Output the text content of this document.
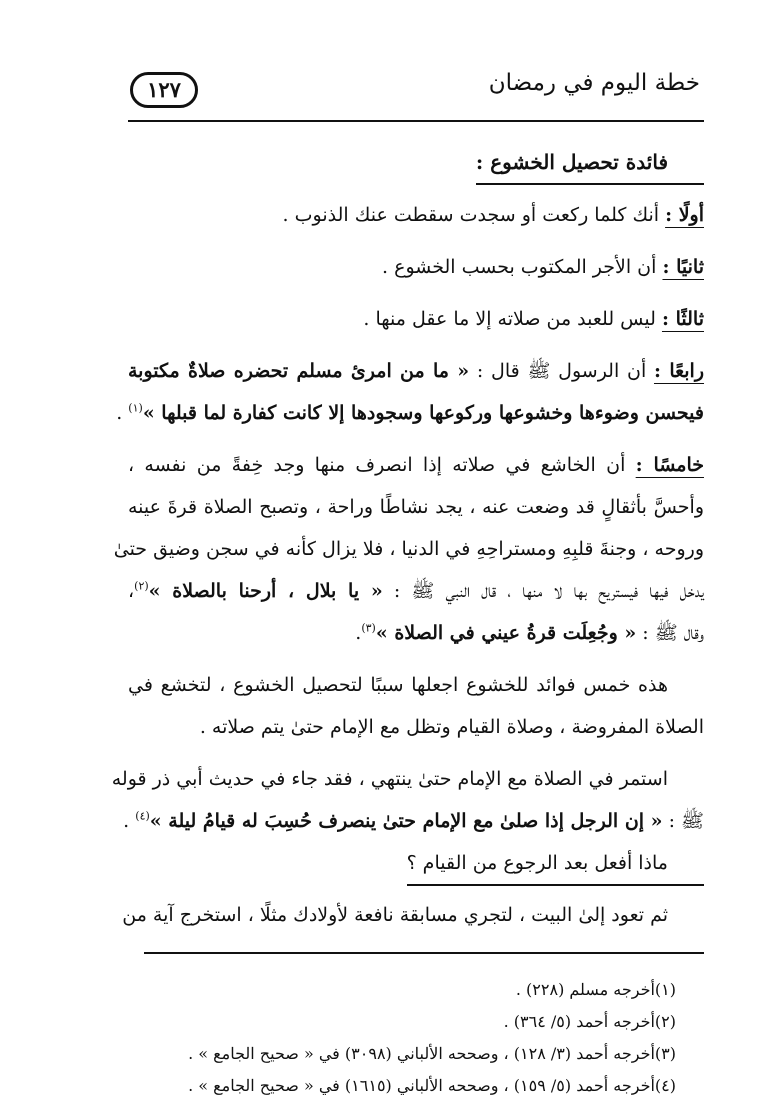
خطة اليوم في رمضان
١٢٧
فائدة تحصيل الخشوع :
أولًا : أنك كلما ركعت أو سجدت سقطت عنك الذنوب .
ثانيًا : أن الأجر المكتوب بحسب الخشوع .
ثالثًا : ليس للعبد من صلاته إلا ما عقل منها .
رابعًا : أن الرسول ﷺ قال : « ما من امرئ مسلم تحضره صلاةٌ مكتوبة
فيحسن وضوءها وخشوعها وركوعها وسجودها إلا كانت كفارة لما قبلها »$^{(١)}$ .
خامسًا : أن الخاشع في صلاته إذا انصرف منها وجد خِفةً من نفسه ،
وأحسَّ بأثقالٍ قد وضعت عنه ، يجد نشاطًا وراحة ، وتصبح الصلاة قرةَ عينه
وروحه ، وجنةَ قلبِهِ ومستراحِهِ في الدنيا ، فلا يزال كأنه في سجن وضيق حتىٰ
يدخل فيها فيستريح بها لا منها ، قال النبي ﷺ : « يا بلال ، أرحنا بالصلاة »$^{(٢)}$،
وقال ﷺ : « وجُعِلَت قرةُ عيني في الصلاة »$^{(٣)}$.
هذه خمس فوائد للخشوع اجعلها سببًا لتحصيل الخشوع ، لتخشع في
الصلاة المفروضة ، وصلاة القيام وتظل مع الإمام حتىٰ يتم صلاته .
استمر في الصلاة مع الإمام حتىٰ ينتهي ، فقد جاء في حديث أبي ذر قوله
ﷺ : « إن الرجل إذا صلىٰ مع الإمام حتىٰ ينصرف حُسِبَ له قيامُ ليلة »$^{(٤)}$ .
ماذا أفعل بعد الرجوع من القيام ؟
ثم تعود إلىٰ البيت ، لتجري مسابقة نافعة لأولادك مثلًا ، استخرج آية من
(١)أخرجه مسلم (٢٢٨) .
(٢)أخرجه أحمد (٥/ ٣٦٤) .
(٣)أخرجه أحمد (٣/ ١٢٨) ، وصححه الألباني (٣٠٩٨) في « صحيح الجامع » .
(٤)أخرجه أحمد (٥/ ١٥٩) ، وصححه الألباني (١٦١٥) في « صحيح الجامع » .
